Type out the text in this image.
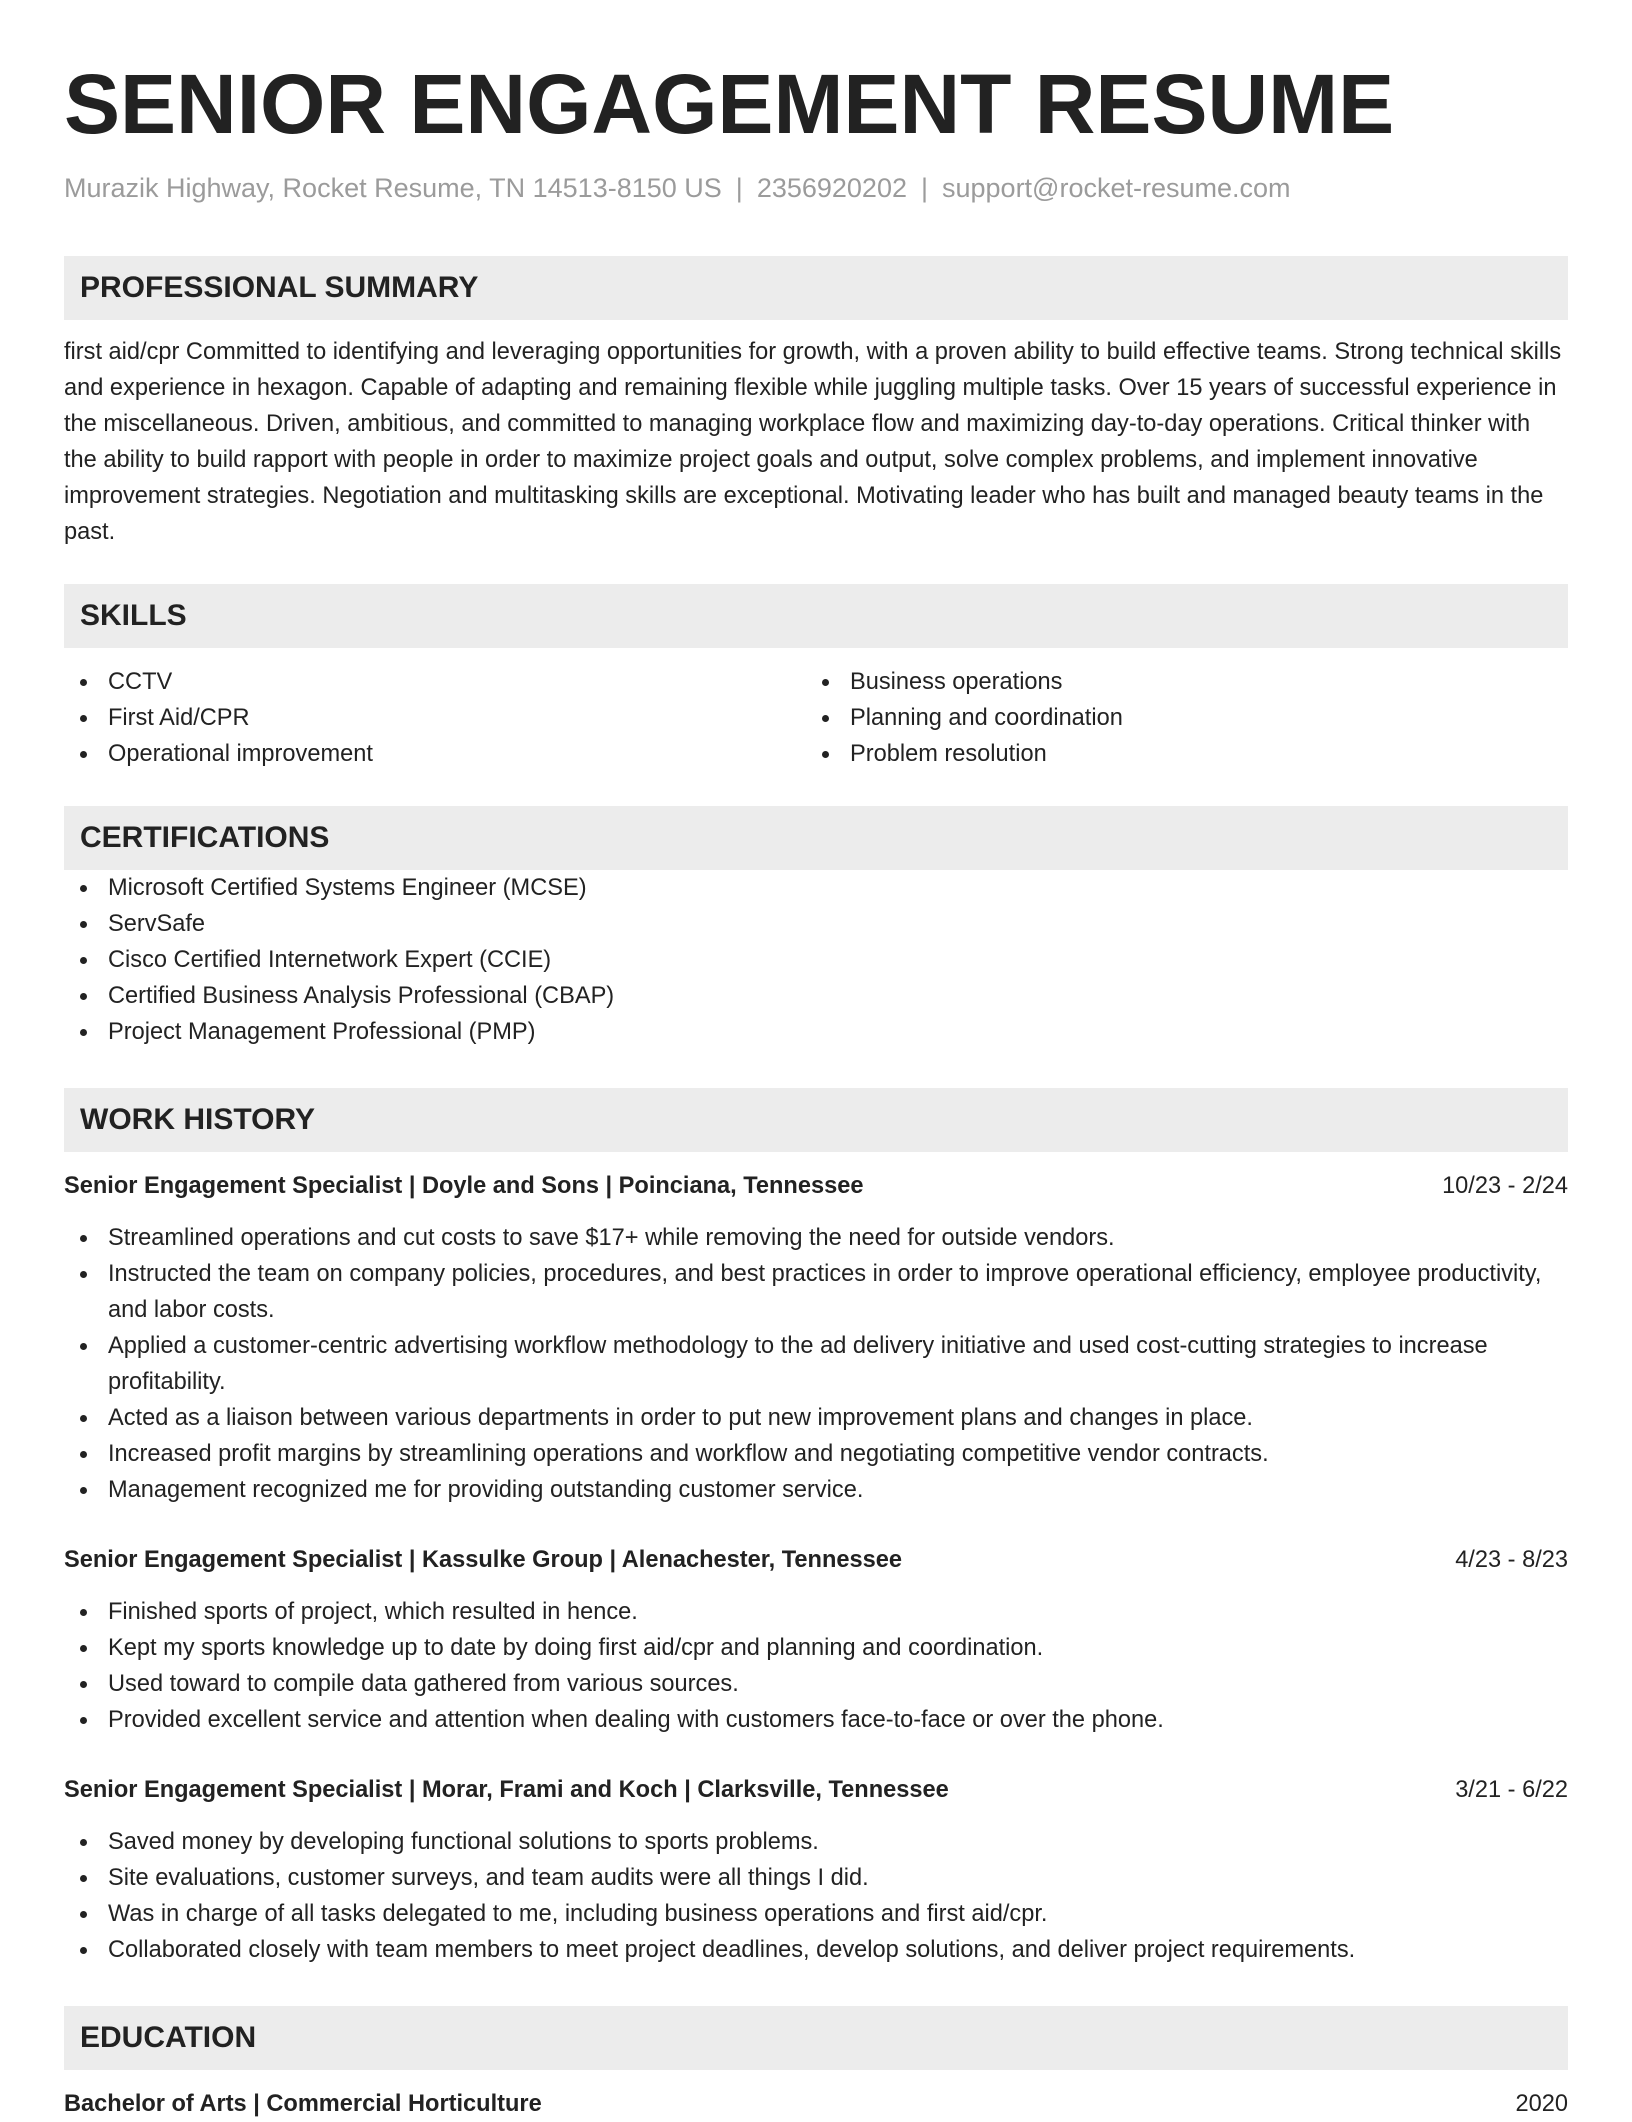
SENIOR ENGAGEMENT RESUME
Murazik Highway, Rocket Resume, TN 14513-8150 US | 2356920202 | support@rocket-resume.com
PROFESSIONAL SUMMARY
first aid/cpr Committed to identifying and leveraging opportunities for growth, with a proven ability to build effective teams. Strong technical skills and experience in hexagon. Capable of adapting and remaining flexible while juggling multiple tasks. Over 15 years of successful experience in the miscellaneous. Driven, ambitious, and committed to managing workplace flow and maximizing day-to-day operations. Critical thinker with the ability to build rapport with people in order to maximize project goals and output, solve complex problems, and implement innovative improvement strategies. Negotiation and multitasking skills are exceptional. Motivating leader who has built and managed beauty teams in the past.
SKILLS
CCTV
First Aid/CPR
Operational improvement
Business operations
Planning and coordination
Problem resolution
CERTIFICATIONS
Microsoft Certified Systems Engineer (MCSE)
ServSafe
Cisco Certified Internetwork Expert (CCIE)
Certified Business Analysis Professional (CBAP)
Project Management Professional (PMP)
WORK HISTORY
Senior Engagement Specialist | Doyle and Sons | Poinciana, Tennessee	10/23 - 2/24
Streamlined operations and cut costs to save $17+ while removing the need for outside vendors.
Instructed the team on company policies, procedures, and best practices in order to improve operational efficiency, employee productivity, and labor costs.
Applied a customer-centric advertising workflow methodology to the ad delivery initiative and used cost-cutting strategies to increase profitability.
Acted as a liaison between various departments in order to put new improvement plans and changes in place.
Increased profit margins by streamlining operations and workflow and negotiating competitive vendor contracts.
Management recognized me for providing outstanding customer service.
Senior Engagement Specialist | Kassulke Group | Alenachester, Tennessee	4/23 - 8/23
Finished sports of project, which resulted in hence.
Kept my sports knowledge up to date by doing first aid/cpr and planning and coordination.
Used toward to compile data gathered from various sources.
Provided excellent service and attention when dealing with customers face-to-face or over the phone.
Senior Engagement Specialist | Morar, Frami and Koch | Clarksville, Tennessee	3/21 - 6/22
Saved money by developing functional solutions to sports problems.
Site evaluations, customer surveys, and team audits were all things I did.
Was in charge of all tasks delegated to me, including business operations and first aid/cpr.
Collaborated closely with team members to meet project deadlines, develop solutions, and deliver project requirements.
EDUCATION
Bachelor of Arts | Commercial Horticulture	2020
